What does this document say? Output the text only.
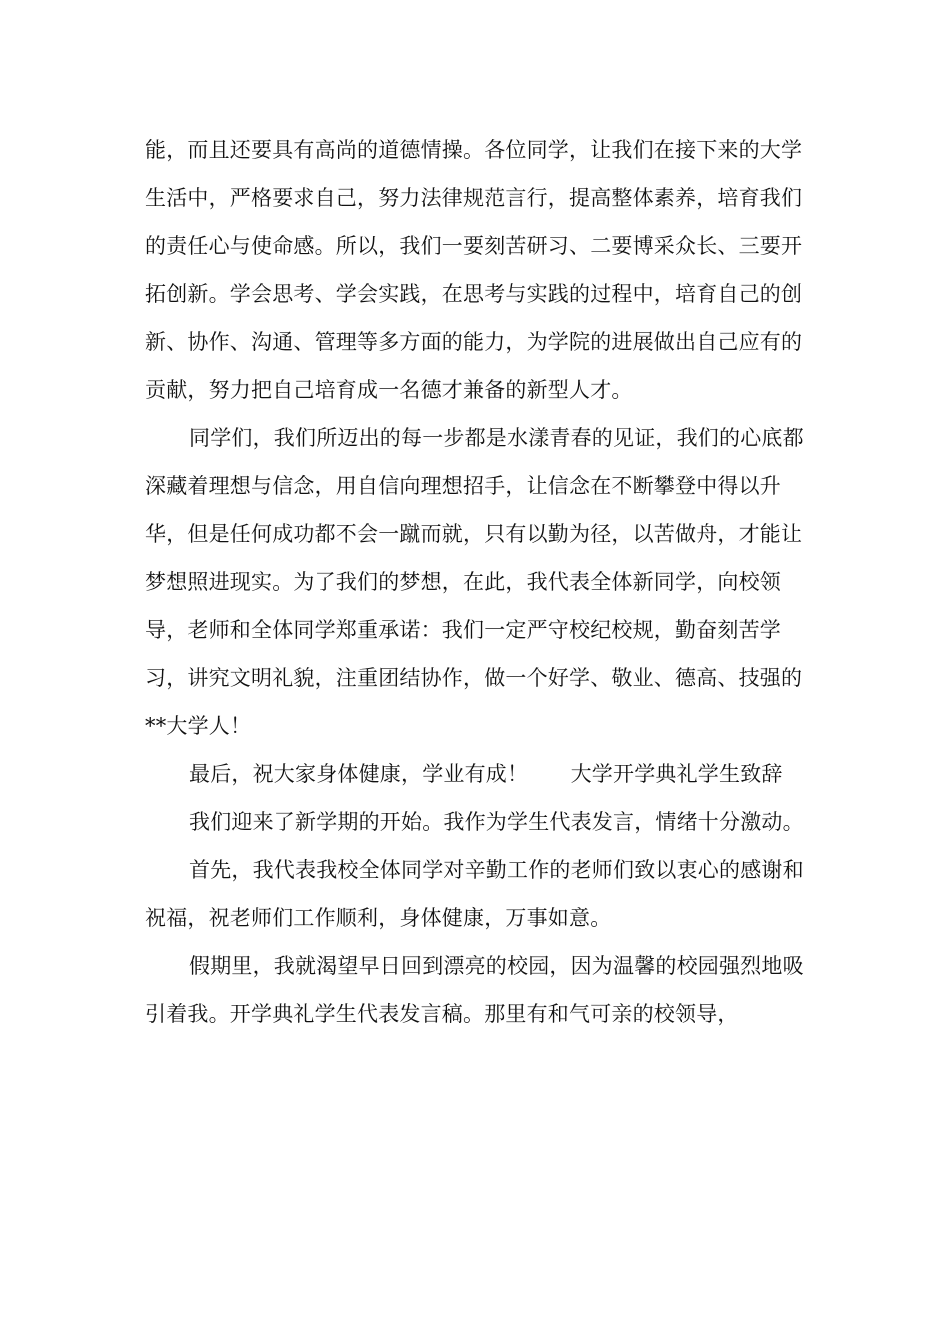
能，而且还要具有高尚的道德情操。各位同学，让我们在接下来的大学生活中，严格要求自己，努力法律规范言行，提高整体素养，培育我们的责任心与使命感。所以，我们一要刻苦研习、二要博采众长、三要开拓创新。学会思考、学会实践，在思考与实践的过程中，培育自己的创新、协作、沟通、管理等多方面的能力，为学院的进展做出自己应有的贡献，努力把自己培育成一名德才兼备的新型人才。

同学们，我们所迈出的每一步都是水漾青春的见证，我们的心底都深藏着理想与信念，用自信向理想招手，让信念在不断攀登中得以升华，但是任何成功都不会一蹴而就，只有以勤为径，以苦做舟，才能让梦想照进现实。为了我们的梦想，在此，我代表全体新同学，向校领导，老师和全体同学郑重承诺：我们一定严守校纪校规，勤奋刻苦学习，讲究文明礼貌，注重团结协作，做一个好学、敬业、德高、技强的**大学人！

最后，祝大家身体健康，学业有成！　　大学开学典礼学生致辞

我们迎来了新学期的开始。我作为学生代表发言，情绪十分激动。

首先，我代表我校全体同学对辛勤工作的老师们致以衷心的感谢和祝福，祝老师们工作顺利，身体健康，万事如意。

假期里，我就渴望早日回到漂亮的校园，因为温馨的校园强烈地吸引着我。开学典礼学生代表发言稿。那里有和气可亲的校领导，
